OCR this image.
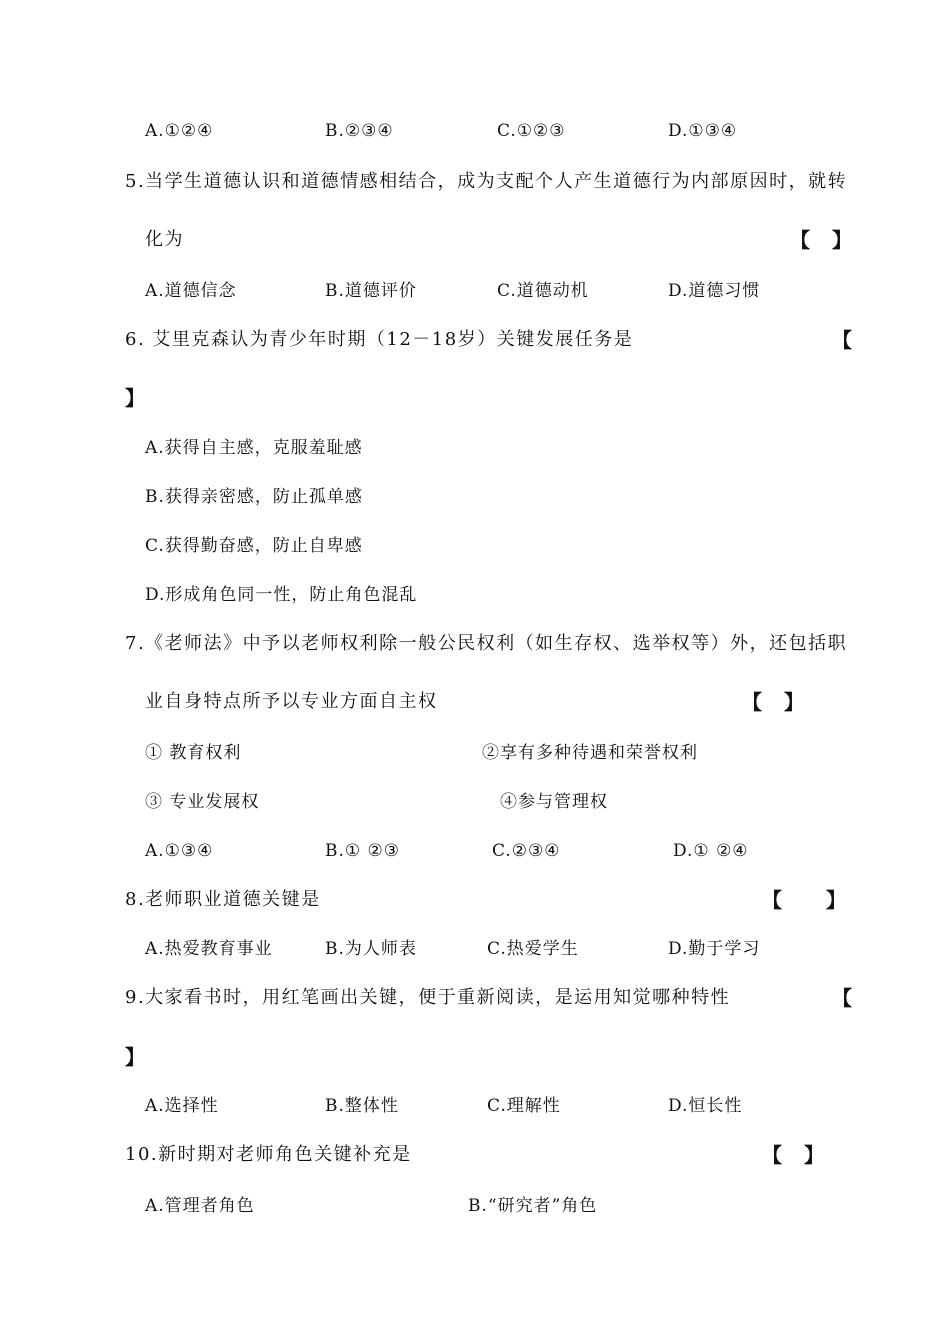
A.①②④	B.②③④	C.①②③	D.①③④
5.当学生道德认识和道德情感相结合，成为支配个人产生道德行为内部原因时，就转
化为	【】
A.道德信念	B.道德评价	C.道德动机	D.道德习惯
6. 艾里克森认为青少年时期（12－18岁）关键发展任务是	【
】
A.获得自主感，克服羞耻感
B.获得亲密感，防止孤单感
C.获得勤奋感，防止自卑感
D.形成角色同一性，防止角色混乱
7.《老师法》中予以老师权利除一般公民权利（如生存权、选举权等）外，还包括职
业自身特点所予以专业方面自主权	【】
① 教育权利	②享有多种待遇和荣誉权利
③ 专业发展权	④参与管理权
A.①③④	B.① ②③	C.②③④	D.① ②④
8.老师职业道德关键是	【】
A.热爱教育事业	B.为人师表	C.热爱学生	D.勤于学习
9.大家看书时，用红笔画出关键，便于重新阅读，是运用知觉哪种特性	【
】
A.选择性	B.整体性	C.理解性	D.恒长性
10.新时期对老师角色关键补充是	【】
A.管理者角色	B.“研究者”角色
